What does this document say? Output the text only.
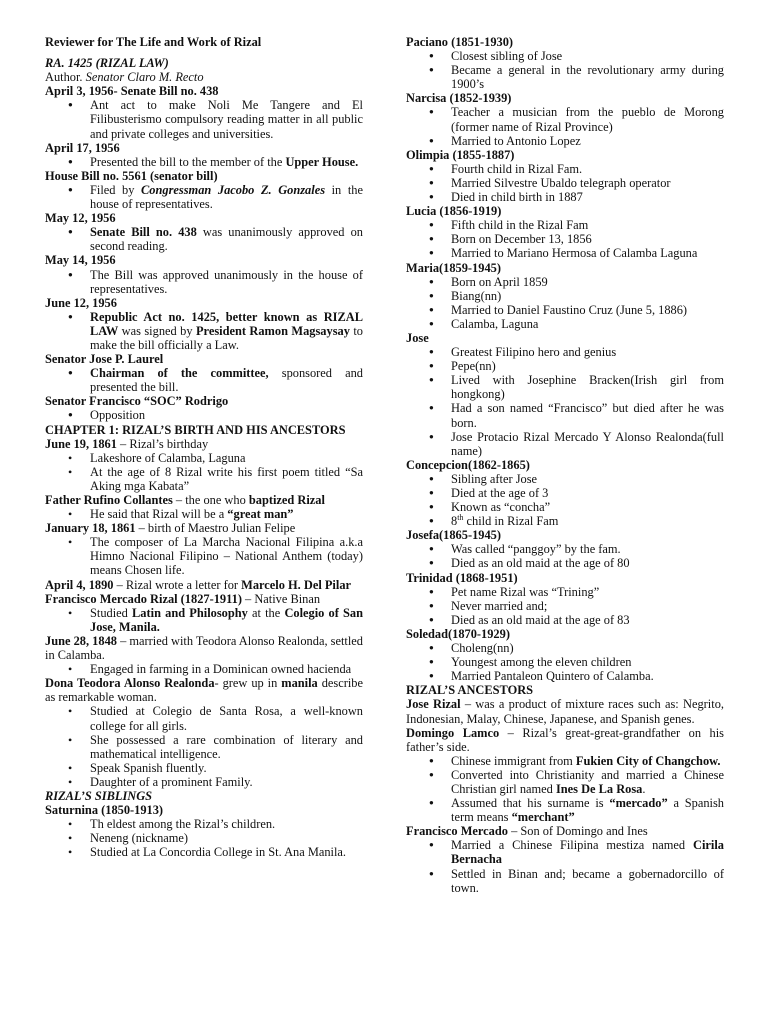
Reviewer for The Life and Work of Rizal

RA. 1425 (RIZAL LAW)

Author. Senator Claro M. Recto

April 3, 1956- Senate Bill no. 438

● Ant act to make Noli Me Tangere and El Filibusterismo compulsory reading matter in all public and private colleges and universities.

April 17, 1956

● Presented the bill to the member of the Upper House.

House Bill no. 5561 (senator bill)

● Filed by Congressman Jacobo Z. Gonzales in the house of representatives.

May 12, 1956

● Senate Bill no. 438 was unanimously approved on second reading.

May 14, 1956

● The Bill was approved unanimously in the house of representatives.

June 12, 1956

● Republic Act no. 1425, better known as RIZAL LAW was signed by President Ramon Magsaysay to make the bill officially a Law.

Senator Jose P. Laurel

● Chairman of the committee, sponsored and presented the bill.

Senator Francisco “SOC” Rodrigo

● Opposition

CHAPTER 1: RIZAL’S BIRTH AND HIS ANCESTORS

June 19, 1861 – Rizal’s birthday

• Lakeshore of Calamba, Laguna
• At the age of 8 Rizal write his first poem titled “Sa Aking mga Kabata”

Father Rufino Collantes – the one who baptized Rizal

• He said that Rizal will be a “great man”

January 18, 1861 – birth of Maestro Julian Felipe

• The composer of La Marcha Nacional Filipina a.k.a Himno Nacional Filipino – National Anthem (today) means Chosen life.

April 4, 1890 – Rizal wrote a letter for Marcelo H. Del Pilar

Francisco Mercado Rizal (1827-1911) – Native Binan

• Studied Latin and Philosophy at the Colegio of San Jose, Manila.

June 28, 1848 – married with Teodora Alonso Realonda, settled in Calamba.

• Engaged in farming in a Dominican owned hacienda

Dona Teodora Alonso Realonda- grew up in manila describe as remarkable woman.

• Studied at Colegio de Santa Rosa, a well-known college for all girls.
• She possessed a rare combination of literary and mathematical intelligence.
• Speak Spanish fluently.
• Daughter of a prominent Family.

RIZAL’S SIBLINGS

Saturnina (1850-1913)

• Th eldest among the Rizal’s children.
• Neneng (nickname)
• Studied at La Concordia College in St. Ana Manila.

Paciano (1851-1930)

● Closest sibling of Jose
● Became a general in the revolutionary army during 1900’s

Narcisa (1852-1939)

● Teacher a musician from the pueblo de Morong (former name of Rizal Province)
● Married to Antonio Lopez

Olimpia (1855-1887)

● Fourth child in Rizal Fam.
● Married Silvestre Ubaldo telegraph operator
● Died in child birth in 1887

Lucia (1856-1919)

● Fifth child in the Rizal Fam
● Born on December 13, 1856
● Married to Mariano Hermosa of Calamba Laguna

Maria(1859-1945)

● Born on April 1859
● Biang(nn)
● Married to Daniel Faustino Cruz (June 5, 1886)
● Calamba, Laguna

Jose

● Greatest Filipino hero and genius
● Pepe(nn)
● Lived with Josephine Bracken(Irish girl from hongkong)
● Had a son named “Francisco” but died after he was born.
● Jose Protacio Rizal Mercado Y Alonso Realonda(full name)

Concepcion(1862-1865)

● Sibling after Jose
● Died at the age of 3
● Known as “concha”
● 8th child in Rizal Fam

Josefa(1865-1945)

● Was called “panggoy” by the fam.
● Died as an old maid at the age of 80

Trinidad (1868-1951)

● Pet name Rizal was “Trining”
● Never married and;
● Died as an old maid at the age of 83

Soledad(1870-1929)

● Choleng(nn)
● Youngest among the eleven children
● Married Pantaleon Quintero of Calamba.

RIZAL’S ANCESTORS

Jose Rizal – was a product of mixture races such as: Negrito, Indonesian, Malay, Chinese, Japanese, and Spanish genes.

Domingo Lamco – Rizal’s great-great-grandfather on his father’s side.

● Chinese immigrant from Fukien City of Changchow.
● Converted into Christianity and married a Chinese Christian girl named Ines De La Rosa.
● Assumed that his surname is “mercado” a Spanish term means “merchant”

Francisco Mercado – Son of Domingo and Ines

● Married a Chinese Filipina mestiza named Cirila Bernacha
● Settled in Binan and; became a gobernadorcillo of town.
